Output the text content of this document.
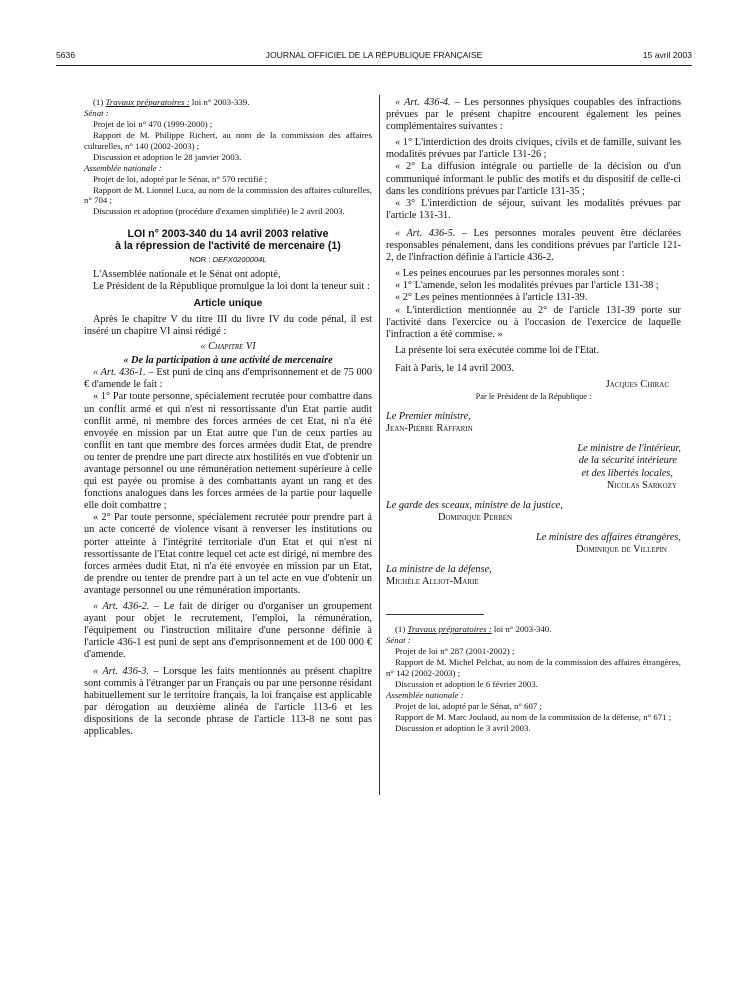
5636	JOURNAL OFFICIEL DE LA RÉPUBLIQUE FRANÇAISE	15 avril 2003

(1) Travaux préparatoires : loi n° 2003-339.

Sénat :

Projet de loi n° 470 (1999-2000) ;

Rapport de M. Philippe Richert, au nom de la commission des affaires culturelles, n° 140 (2002-2003) ;

Discussion et adoption le 28 janvier 2003.

Assemblée nationale :

Projet de loi, adopté par le Sénat, n° 570 rectifié ;

Rapport de M. Lionnel Luca, au nom de la commission des affaires culturelles, n° 704 ;

Discussion et adoption (procédure d'examen simplifiée) le 2 avril 2003.

LOI n° 2003-340 du 14 avril 2003 relative
à la répression de l'activité de mercenaire (1)

NOR : DEFX0200004L

L'Assemblée nationale et le Sénat ont adopté,

Le Président de la République promulgue la loi dont la teneur suit :

Article unique

Après le chapitre V du titre III du livre IV du code pénal, il est inséré un chapitre VI ainsi rédigé :

« Chapitre VI

« De la participation à une activité de mercenaire

« Art. 436-1. – Est puni de cinq ans d'emprisonnement et de 75 000 € d'amende le fait :

« 1° Par toute personne, spécialement recrutée pour combattre dans un conflit armé et qui n'est ni ressortissante d'un Etat partie audit conflit armé, ni membre des forces armées de cet Etat, ni n'a été envoyée en mission par un Etat autre que l'un de ceux parties au conflit en tant que membre des forces armées dudit Etat, de prendre ou tenter de prendre une part directe aux hostilités en vue d'obtenir un avantage personnel ou une rémunération nettement supérieure à celle qui est payée ou promise à des combattants ayant un rang et des fonctions analogues dans les forces armées de la partie pour laquelle elle doit combattre ;

« 2° Par toute personne, spécialement recrutée pour prendre part à un acte concerté de violence visant à renverser les institutions ou porter atteinte à l'intégrité territoriale d'un Etat et qui n'est ni ressortissante de l'Etat contre lequel cet acte est dirigé, ni membre des forces armées dudit Etat, ni n'a été envoyée en mission par un Etat, de prendre ou tenter de prendre part à un tel acte en vue d'obtenir un avantage personnel ou une rémunération importants.

« Art. 436-2. – Le fait de diriger ou d'organiser un groupement ayant pour objet le recrutement, l'emploi, la rémunération, l'équipement ou l'instruction militaire d'une personne définie à l'article 436-1 est puni de sept ans d'emprisonnement et de 100 000 € d'amende.

« Art. 436-3. – Lorsque les faits mentionnés au présent chapitre sont commis à l'étranger par un Français ou par une personne résidant habituellement sur le territoire français, la loi française est applicable par dérogation au deuxième alinéa de l'article 113-6 et les dispositions de la seconde phrase de l'article 113-8 ne sont pas applicables.

« Art. 436-4. – Les personnes physiques coupables des infractions prévues par le présent chapitre encourent également les peines complémentaires suivantes :

« 1° L'interdiction des droits civiques, civils et de famille, suivant les modalités prévues par l'article 131-26 ;

« 2° La diffusion intégrale ou partielle de la décision ou d'un communiqué informant le public des motifs et du dispositif de celle-ci dans les conditions prévues par l'article 131-35 ;

« 3° L'interdiction de séjour, suivant les modalités prévues par l'article 131-31.

« Art. 436-5. – Les personnes morales peuvent être déclarées responsables pénalement, dans les conditions prévues par l'article 121-2, de l'infraction définie à l'article 436-2.

« Les peines encourues par les personnes morales sont :

« 1° L'amende, selon les modalités prévues par l'article 131-38 ;

« 2° Les peines mentionnées à l'article 131-39.

« L'interdiction mentionnée au 2° de l'article 131-39 porte sur l'activité dans l'exercice ou à l'occasion de l'exercice de laquelle l'infraction a été commise. »

La présente loi sera exécutée comme loi de l'Etat.

Fait à Paris, le 14 avril 2003.

Jacques Chirac

Par le Président de la République :

Le Premier ministre,

Jean-Pierre Raffarin

Le ministre de l'intérieur,

de la sécurité intérieure

et des libertés locales,

Nicolas Sarkozy

Le garde des sceaux, ministre de la justice,

Dominique Perben

Le ministre des affaires étrangères,

Dominique de Villepin

La ministre de la défense,

Michèle Alliot-Marie

(1) Travaux préparatoires : loi n° 2003-340.

Sénat :

Projet de loi n° 287 (2001-2002) ;

Rapport de M. Michel Pelchat, au nom de la commission des affaires étrangères, n° 142 (2002-2003) ;

Discussion et adoption le 6 février 2003.

Assemblée nationale :

Projet de loi, adopté par le Sénat, n° 607 ;

Rapport de M. Marc Joulaud, au nom de la commission de la défense, n° 671 ;

Discussion et adoption le 3 avril 2003.
